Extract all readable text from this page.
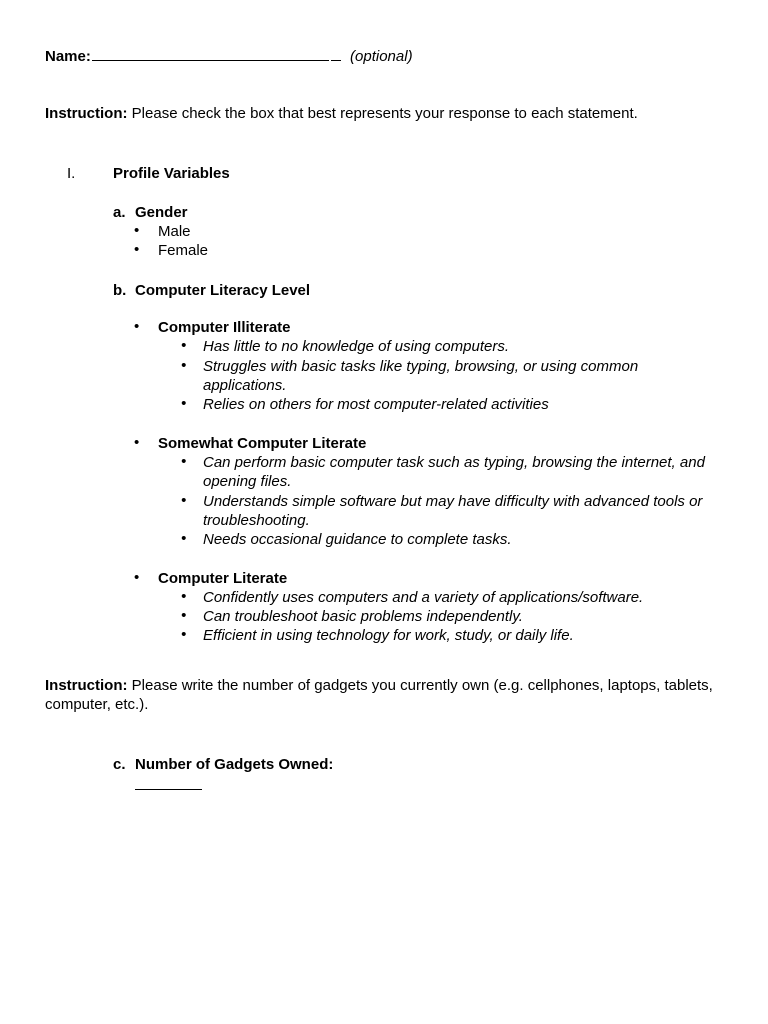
Name:	(optional)
Instruction: Please check the box that best represents your response to each statement.
I.	Profile Variables
a. Gender
• Male
• Female
b. Computer Literacy Level
• Computer Illiterate
• Has little to no knowledge of using computers.
• Struggles with basic tasks like typing, browsing, or using common applications.
• Relies on others for most computer-related activities
• Somewhat Computer Literate
• Can perform basic computer task such as typing, browsing the internet, and opening files.
• Understands simple software but may have difficulty with advanced tools or troubleshooting.
• Needs occasional guidance to complete tasks.
• Computer Literate
• Confidently uses computers and a variety of applications/software.
• Can troubleshoot basic problems independently.
• Efficient in using technology for work, study, or daily life.
Instruction: Please write the number of gadgets you currently own (e.g. cellphones, laptops, tablets, computer, etc.).
c. Number of Gadgets Owned:
